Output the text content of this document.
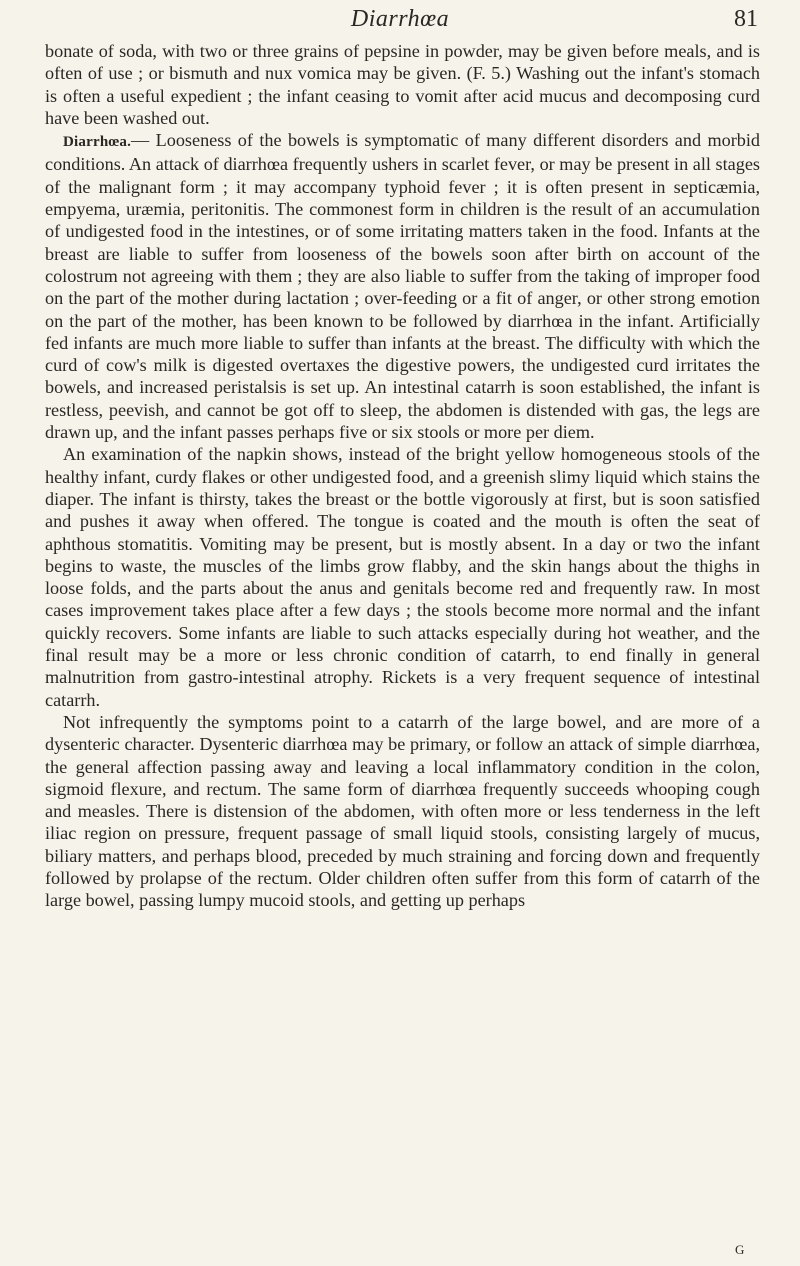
Diarrhœa	81

bonate of soda, with two or three grains of pepsine in powder, may be given before meals, and is often of use ; or bismuth and nux vomica may be given. (F. 5.) Washing out the infant's stomach is often a useful expedient ; the infant ceasing to vomit after acid mucus and decomposing curd have been washed out.

Diarrhœa.— Looseness of the bowels is symptomatic of many different disorders and morbid conditions. An attack of diarrhœa frequently ushers in scarlet fever, or may be present in all stages of the malignant form ; it may accompany typhoid fever ; it is often present in septicæmia, empyema, uræmia, peritonitis. The commonest form in children is the result of an accumulation of undigested food in the intestines, or of some irritating matters taken in the food. Infants at the breast are liable to suffer from looseness of the bowels soon after birth on account of the colostrum not agreeing with them ; they are also liable to suffer from the taking of improper food on the part of the mother during lactation ; over-feeding or a fit of anger, or other strong emotion on the part of the mother, has been known to be followed by diarrhœa in the infant. Artificially fed infants are much more liable to suffer than infants at the breast. The difficulty with which the curd of cow's milk is digested overtaxes the digestive powers, the undigested curd irritates the bowels, and increased peristalsis is set up. An intestinal catarrh is soon established, the infant is restless, peevish, and cannot be got off to sleep, the abdomen is distended with gas, the legs are drawn up, and the infant passes perhaps five or six stools or more per diem.

An examination of the napkin shows, instead of the bright yellow homogeneous stools of the healthy infant, curdy flakes or other undigested food, and a greenish slimy liquid which stains the diaper. The infant is thirsty, takes the breast or the bottle vigorously at first, but is soon satisfied and pushes it away when offered. The tongue is coated and the mouth is often the seat of aphthous stomatitis. Vomiting may be present, but is mostly absent. In a day or two the infant begins to waste, the muscles of the limbs grow flabby, and the skin hangs about the thighs in loose folds, and the parts about the anus and genitals become red and frequently raw. In most cases improvement takes place after a few days ; the stools become more normal and the infant quickly recovers. Some infants are liable to such attacks especially during hot weather, and the final result may be a more or less chronic condition of catarrh, to end finally in general malnutrition from gastro-intestinal atrophy. Rickets is a very frequent sequence of intestinal catarrh.

Not infrequently the symptoms point to a catarrh of the large bowel, and are more of a dysenteric character. Dysenteric diarrhœa may be primary, or follow an attack of simple diarrhœa, the general affection passing away and leaving a local inflammatory condition in the colon, sigmoid flexure, and rectum. The same form of diarrhœa frequently succeeds whooping cough and measles. There is distension of the abdomen, with often more or less tenderness in the left iliac region on pressure, frequent passage of small liquid stools, consisting largely of mucus, biliary matters, and perhaps blood, preceded by much straining and forcing down and frequently followed by prolapse of the rectum. Older children often suffer from this form of catarrh of the large bowel, passing lumpy mucoid stools, and getting up perhaps

G
